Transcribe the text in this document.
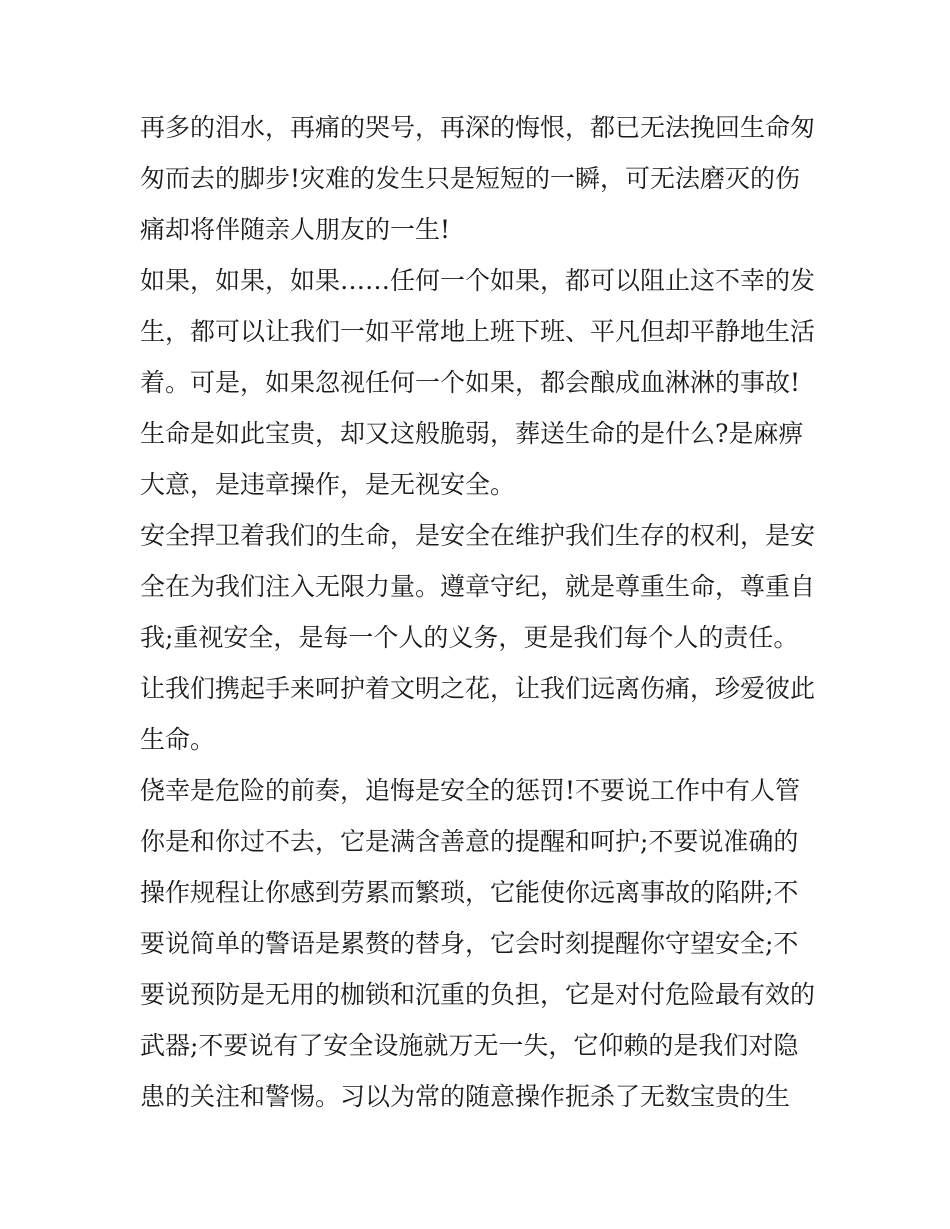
再多的泪水，再痛的哭号，再深的悔恨，都已无法挽回生命匆
匆而去的脚步!灾难的发生只是短短的一瞬，可无法磨灭的伤
痛却将伴随亲人朋友的一生!
如果，如果，如果……任何一个如果，都可以阻止这不幸的发
生，都可以让我们一如平常地上班下班、平凡但却平静地生活
着。可是，如果忽视任何一个如果，都会酿成血淋淋的事故!
生命是如此宝贵，却又这般脆弱，葬送生命的是什么?是麻痹
大意，是违章操作，是无视安全。
安全捍卫着我们的生命，是安全在维护我们生存的权利，是安
全在为我们注入无限力量。遵章守纪，就是尊重生命，尊重自
我;重视安全，是每一个人的义务，更是我们每个人的责任。
让我们携起手来呵护着文明之花，让我们远离伤痛，珍爱彼此
生命。
侥幸是危险的前奏，追悔是安全的惩罚!不要说工作中有人管
你是和你过不去，它是满含善意的提醒和呵护;不要说准确的
操作规程让你感到劳累而繁琐，它能使你远离事故的陷阱;不
要说简单的警语是累赘的替身，它会时刻提醒你守望安全;不
要说预防是无用的枷锁和沉重的负担，它是对付危险最有效的
武器;不要说有了安全设施就万无一失，它仰赖的是我们对隐
患的关注和警惕。习以为常的随意操作扼杀了无数宝贵的生
